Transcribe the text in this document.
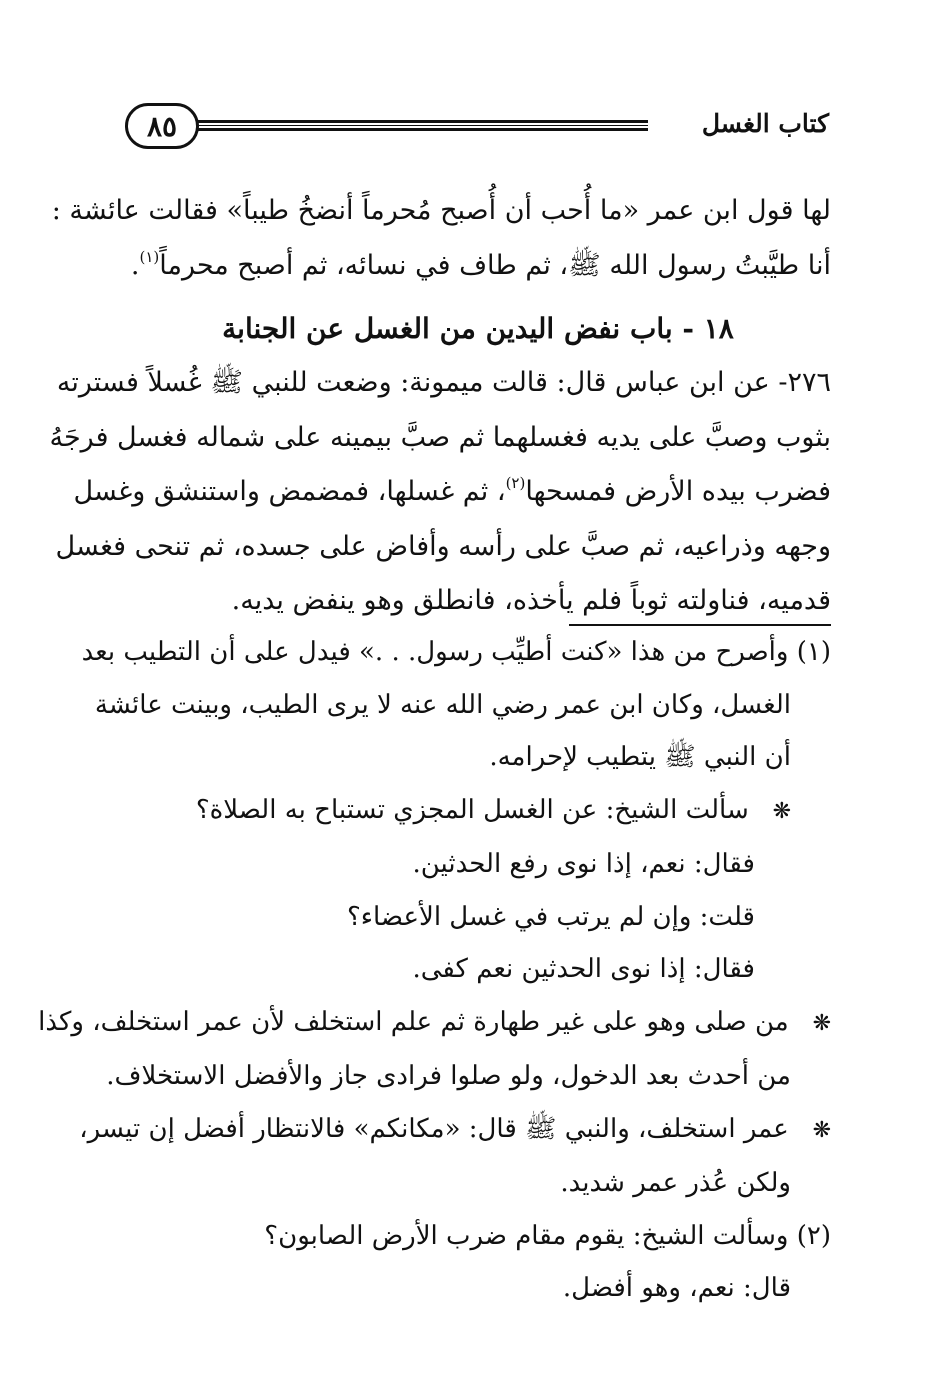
كتاب الغسل
٨٥
لها قول ابن عمر «ما أُحب أن أُصبح مُحرماً أنضخُ طيباً» فقالت عائشة :
أنا طيَّبتُ رسول الله ﷺ، ثم طاف في نسائه، ثم أصبح محرماً$^{(١)}$.
١٨ - باب نفض اليدين من الغسل عن الجنابة
٢٧٦- عن ابن عباس قال: قالت ميمونة: وضعت للنبي ﷺ غُسلاً فسترته
بثوب وصبَّ على يديه فغسلهما ثم صبَّ بيمينه على شماله فغسل فرجَهُ
فضرب بيده الأرض فمسحها$^{(٢)}$، ثم غسلها، فمضمض واستنشق وغسل
وجهه وذراعيه، ثم صبَّ على رأسه وأفاض على جسده، ثم تنحى فغسل
قدميه، فناولته ثوباً فلم يأخذه، فانطلق وهو ينفض يديه.
(١) وأصرح من هذا «كنت أطيِّب رسول. . .» فيدل على أن التطيب بعد
الغسل، وكان ابن عمر رضي الله عنه لا يرى الطيب، وبينت عائشة
أن النبي ﷺ يتطيب لإحرامه.
❋ سألت الشيخ: عن الغسل المجزي تستباح به الصلاة؟
فقال: نعم، إذا نوى رفع الحدثين.
قلت: وإن لم يرتب في غسل الأعضاء؟
فقال: إذا نوى الحدثين نعم كفى.
❋ من صلى وهو على غير طهارة ثم علم استخلف لأن عمر استخلف، وكذا
من أحدث بعد الدخول، ولو صلوا فرادى جاز والأفضل الاستخلاف.
❋ عمر استخلف، والنبي ﷺ قال: «مكانكم» فالانتظار أفضل إن تيسر،
ولكن عُذر عمر شديد.
(٢) وسألت الشيخ: يقوم مقام ضرب الأرض الصابون؟
قال: نعم، وهو أفضل.
